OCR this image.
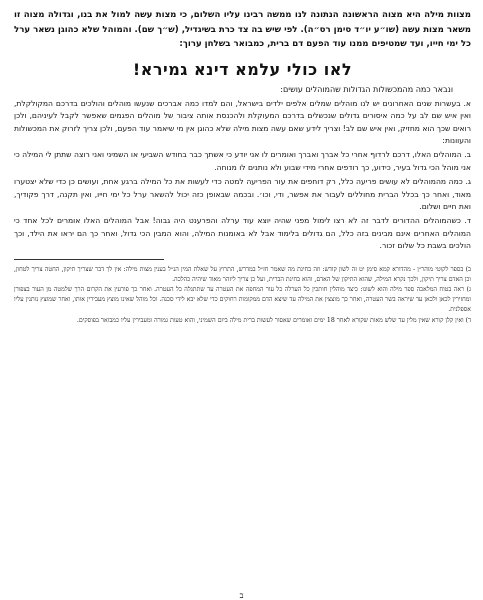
מצוות מילה היא מצוה הראשונה הנתונה לנו ממשה רבינו עליו השלום, כי מצות עשה למול את בנו, וגדולה מצוה זו משאר מצות עשה (שו״ע יו״ד סימן רס״ה). לפי שיש בה צד כרת בשיגדיל, (ש״ך שם). והמוהל שלא כהוגן נשאר ערל כל ימי חייו, ועד שמטיפים ממנו עוד הפעם דם ברית, כמבואר בשלחן ערוך:

לאו כולי עלמא דינא גמירא!

ונבאר כמה מהמכשולות הגדולות שהמוהלים עושים:

א. בעשרות שנים האחרונים יש לנו מוהלים שמלים אלפים ילדים בישראל, והם למדו כמה אברכים שנעשו מוהלים והולכים בדרכם המקולקלת, ואין איש שם לב על כמה איסורים גדולים שנכשלים בדרכם המעוקלת ולהכנסת אותה ציבור של מוהלים הפגמים שאפשר לקבל לעיניהם, ולכן רואים שכך הוא מחזיק, ואין איש שם לב! וצריך לידע שאם עשה מצות מילה שלא כהוגן אין מי שיאמר עוד הפעם, ולכן צריך לזרוק את המכשולות והעוונות:

ב. המוהלים האלו, דרכם לרדוף אחרי כל אברך ואברך ואומרים לו אני יודע כי אשתך כבר בחודש השביעי או השמיני ואני רוצה שתתן לי המילה כי אני מוהל הכי גדול בעיר, כידוע, כך רודפים אחרי מידי שבוע ולא נותנים לו מנוחה.

ג. כמה מהמוהלים לא עושים פריעה כלל, רק דוחפים את עור הפריעה למטה כדי לעשות את כל המילה ברגע אחת, ועושים כן כדי שלא יצטערו מאוד, ואחר כך בכלל הברית מחוללים לעבור את אפשר, ודי, וכו׳. ובכמה שבאופן כזה יכול להשאר ערל כל ימי חייו, ואין תקנה, דרך פקודיך, ואת חיים ושלום.

ד. כשהמוהלים ההדורים לדבר זה לא רצו לימול מפני שהיה יוצא עוד ערלה והפרענט היה גבוה! אבל המוהלים האלו אומרים לכל אחד כי המוהלים האחרים אינם מבינים בזה כלל, הם גדולים בלימוד אבל לא באומנות המילה, והוא המבין הכי גדול, ואחר כך הם יראו את הילד, וכך הולכים בשבת כל שלום זכור.

ב) בספר לקוטי מוהר״ן - מהדורא קמא סימן יט זה לשון קודש: וזה בחינת מה שאמר חז״ל במדרש, התרוץ על שאלת המין הנ״ל בענין מצות מילה: אין לך דבר שצריך תיקון, החטה צריך לטחון, וכן האדם צריך תיקון, ולכך נקרא המילה, שהוא התיקון של האדם, והוא בחינת הברית, ועל כן צריך ליזהר מאוד שיהיה כהלכה.

ג) ראה בטוח המלאכה ספר מילה והוא לשונו: כיצד מוהלין חותכין כל הערלה כל עור המחפה את העטרה עד שתתגלה כל העטרה. ואחר כך פורעין את הקרום הרך שלמטה מן העור בצפורן ומחזירין לכאן ולכאן עד שיראה בשר העטרה, ואחר כך מוצצין את המילה עד שיצא הדם ממקומות רחוקים כדי שלא יבא לידי סכנה. וכל מוהל שאינו מוצץ מעבירין אותו, ואחר שמוצץ נותנין עליו אספלנית.

ד) ואין קלן קורא שאין מלין עד שלש מאות שקורא לאחר 18 ימים ואומרים שאסור לעשות ברית מילה ביום השמיני, והוא טעות גמורה ומעבירין עליו כמבואר בפוסקים.

ב
